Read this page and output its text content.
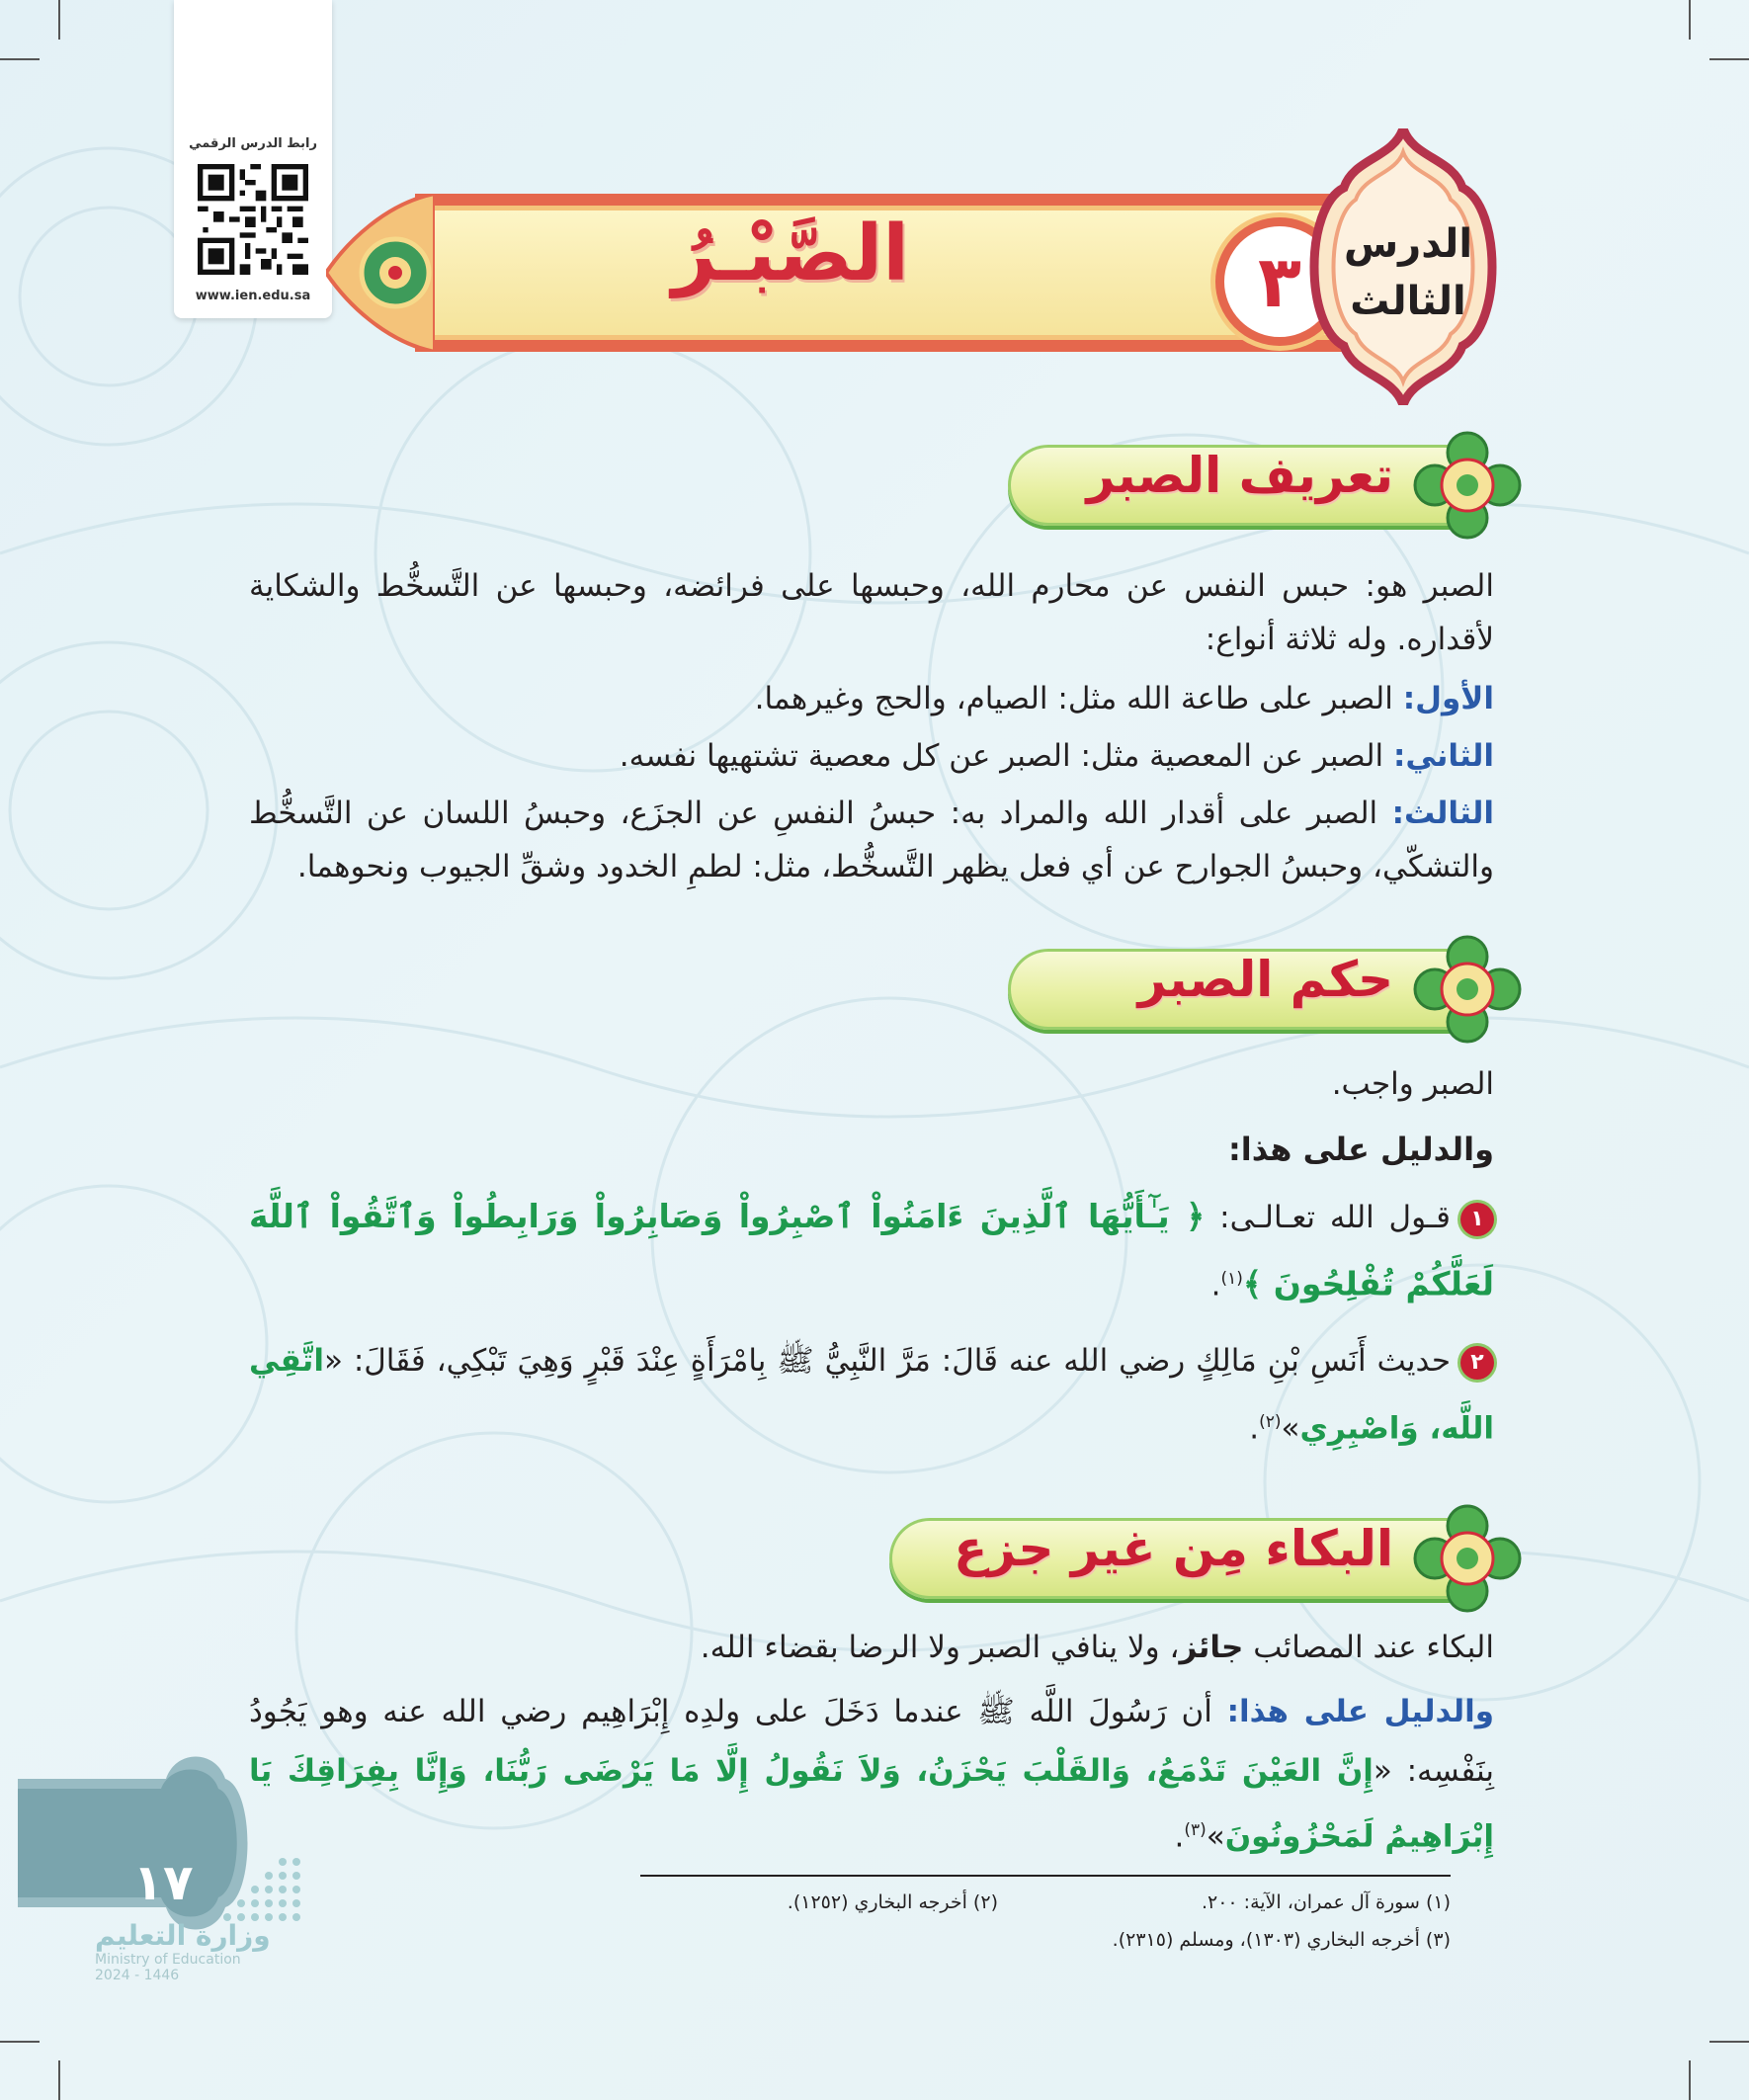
رابط الدرس الرقمي
www.ien.edu.sa	الصَّبْـرُ	٣	الدرس
الثالث
تعريف الصبر
الصبر هو: حبس النفس عن محارم الله، وحبسها على فرائضه، وحبسها عن التَّسخُّط والشكاية لأقداره. وله ثلاثة أنواع:
الأول: الصبر على طاعة الله مثل: الصيام، والحج وغيرهما.
الثاني: الصبر عن المعصية مثل: الصبر عن كل معصية تشتهيها نفسه.
الثالث: الصبر على أقدار الله والمراد به: حبسُ النفسِ عن الجزَع، وحبسُ اللسان عن التَّسخُّط والتشكّي، وحبسُ الجوارح عن أي فعل يظهر التَّسخُّط، مثل: لطمِ الخدود وشقِّ الجيوب ونحوهما.
حكم الصبر
الصبر واجب.
والدليل على هذا:
١قـول الله تعـالـى: ﴿ يَـٰٓأَيُّهَا ٱلَّذِينَ ءَامَنُواْ ٱصْبِرُواْ وَصَابِرُواْ وَرَابِطُواْ وَٱتَّقُواْ ٱللَّهَ لَعَلَّكُمْ تُفْلِحُونَ ﴾$^{(١)}$.
٢حديث أَنَسِ بْنِ مَالِكٍ رضي الله عنه قَالَ: مَرَّ النَّبِيُّ ﷺ بِامْرَأَةٍ عِنْدَ قَبْرٍ وَهِيَ تَبْكِي، فَقَالَ: «اتَّقِي اللَّه، وَاصْبِرِي»$^{(٢)}$.
البكاء مِن غير جزع
البكاء عند المصائب جائز، ولا ينافي الصبر ولا الرضا بقضاء الله.
والدليل على هذا: أن رَسُولَ اللَّه ﷺ عندما دَخَلَ على ولدِه إِبْرَاهِيم رضي الله عنه وهو يَجُودُ بِنَفْسِه: «إِنَّ العَيْنَ تَدْمَعُ، وَالقَلْبَ يَحْزَنُ، وَلاَ نَقُولُ إِلَّا مَا يَرْضَى رَبُّنَا، وَإِنَّا بِفِرَاقِكَ يَا إِبْرَاهِيمُ لَمَحْزُونُونَ»$^{(٣)}$.
(١) سورة آل عمران، الآية: ٢٠٠.
(٢) أخرجه البخاري (١٢٥٢).
(٣) أخرجه البخاري (١٣٠٣)، ومسلم (٢٣١٥).
١٧
وزارة التعليم
Ministry of Education
2024 - 1446
